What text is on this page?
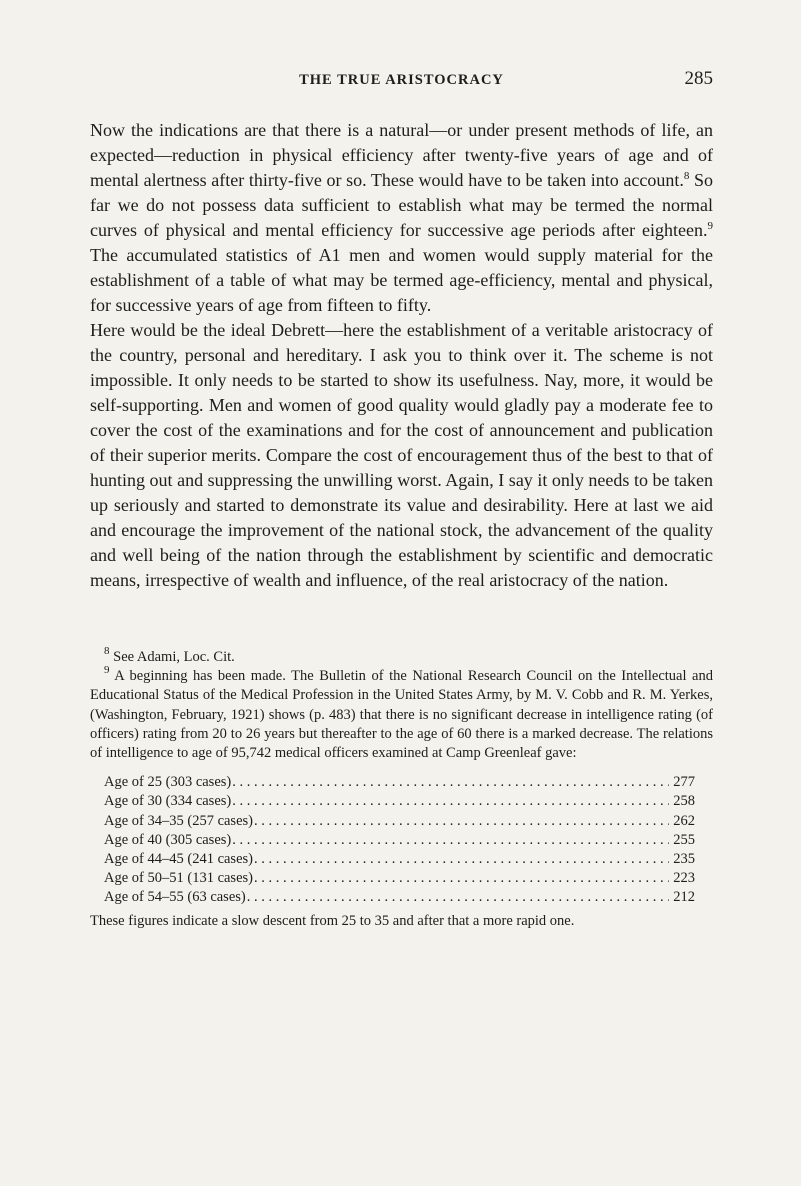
THE TRUE ARISTOCRACY	285

Now the indications are that there is a natural—or under present methods of life, an expected—reduction in physical efficiency after twenty-five years of age and of mental alertness after thirty-five or so. These would have to be taken into account.$^8$ So far we do not possess data sufficient to establish what may be termed the normal curves of physical and mental efficiency for successive age periods after eighteen.$^9$ The accumulated statistics of A1 men and women would supply material for the establishment of a table of what may be termed age-efficiency, mental and physical, for successive years of age from fifteen to fifty.

Here would be the ideal Debrett—here the establishment of a veritable aristocracy of the country, personal and hereditary. I ask you to think over it. The scheme is not impossible. It only needs to be started to show its usefulness. Nay, more, it would be self-supporting. Men and women of good quality would gladly pay a moderate fee to cover the cost of the examinations and for the cost of announcement and publication of their superior merits. Compare the cost of encouragement thus of the best to that of hunting out and suppressing the unwilling worst. Again, I say it only needs to be taken up seriously and started to demonstrate its value and desirability. Here at last we aid and encourage the improvement of the national stock, the advancement of the quality and well being of the nation through the establishment by scientific and democratic means, irrespective of wealth and influence, of the real aristocracy of the nation.

$^8$ See Adami, Loc. Cit.

$^9$ A beginning has been made. The Bulletin of the National Research Council on the Intellectual and Educational Status of the Medical Profession in the United States Army, by M. V. Cobb and R. M. Yerkes, (Washington, February, 1921) shows (p. 483) that there is no significant decrease in intelligence rating (of officers) rating from 20 to 26 years but thereafter to the age of 60 there is a marked decrease. The relations of intelligence to age of 95,742 medical officers examined at Camp Greenleaf gave:

Age of 25 (303 cases) . . .	277
Age of 30 (334 cases) . . .	258
Age of 34–35 (257 cases) . . .	262
Age of 40 (305 cases) . . .	255
Age of 44–45 (241 cases) . . .	235
Age of 50–51 (131 cases) . . .	223
Age of 54–55 (63 cases) . . .	212

These figures indicate a slow descent from 25 to 35 and after that a more rapid one.
